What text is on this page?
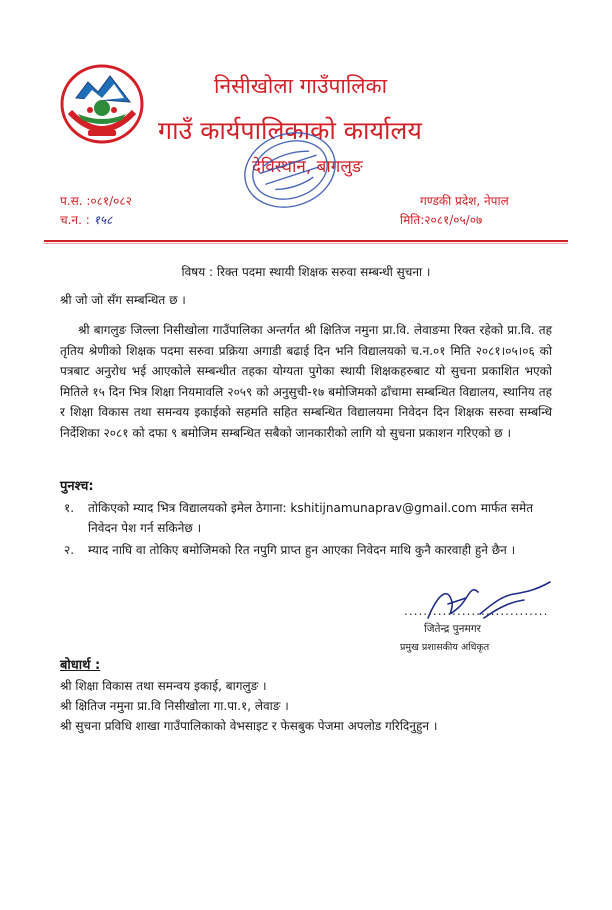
निसीखोला गाउँपालिका
गाउँ कार्यपालिकाको कार्यालय
देविस्थान, बागलुङ
प.स. :०८१/०८२
च.न. : १५८
गण्डकी प्रदेश, नेपाल
मिति:२०८१/०५/०७
विषय : रिक्त पदमा स्थायी शिक्षक सरुवा सम्बन्धी सुचना ।
श्री जो जो सँग सम्बन्धित छ ।
श्री बागलुङ जिल्ला निसीखोला गाउँपालिका अन्तर्गत श्री क्षितिज नमुना प्रा.वि. लेवाङमा रिक्त रहेको प्रा.वि. तह तृतिय श्रेणीको शिक्षक पदमा सरुवा प्रक्रिया अगाडी बढाई दिन भनि विद्यालयको च.न.०१ मिति २०८१।०५।०६ को पत्रबाट अनुरोध भई आएकोले सम्बन्धीत तहका योग्यता पुगेका स्थायी शिक्षकहरुबाट यो सुचना प्रकाशित भएको मितिले १५ दिन भित्र शिक्षा नियमावलि २०५९ को अनुसुची-१७ बमोजिमको ढाँचामा सम्बन्धित विद्यालय, स्थानिय तह र शिक्षा विकास तथा समन्वय इकाईको सहमति सहित सम्बन्धित विद्यालयमा निवेदन दिन शिक्षक सरुवा सम्बन्धि निर्देशिका २०८१ को दफा ९ बमोजिम सम्बन्धित सबैको जानकारीको लागि यो सुचना प्रकाशन गरिएको छ ।
पुनश्च:
१. तोकिएको म्याद भित्र विद्यालयको इमेल ठेगाना: kshitijnamunaprav@gmail.com मार्फत समेत निवेदन पेश गर्न सकिनेछ ।
२. म्याद नाघि वा तोकिए बमोजिमको रित नपुगि प्राप्त हुन आएका निवेदन माथि कुनै कारवाही हुने छैन ।
..............................
जितेन्द्र पुनमगर
प्रमुख प्रशासकीय अधिकृत
बोधार्थ :
श्री शिक्षा विकास तथा समन्वय इकाई, बागलुङ ।
श्री क्षितिज नमुना प्रा.वि निसीखोला गा.पा.१, लेवाङ ।
श्री सुचना प्रविधि शाखा गाउँपालिकाको वेभसाइट र फेसबुक पेजमा अपलोड गरिदिनुहुन ।
